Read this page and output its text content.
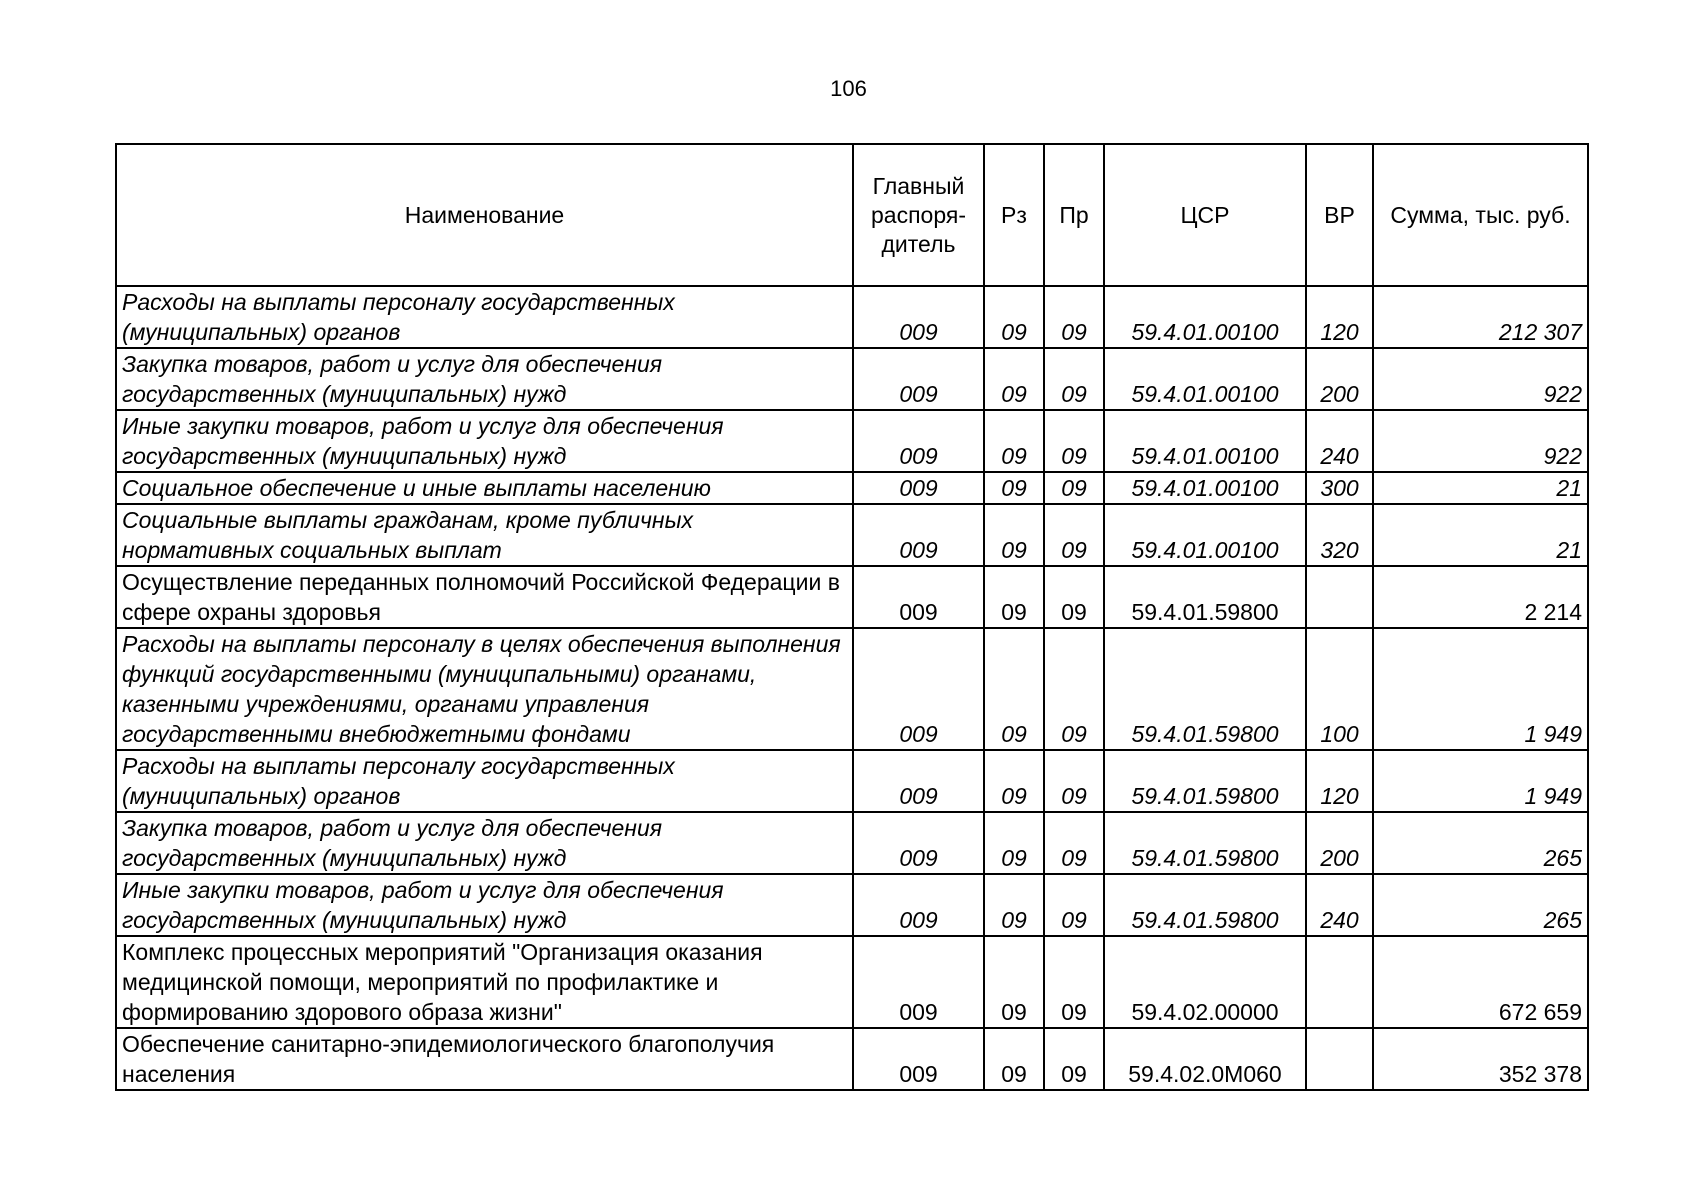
106
Наименование	Главный распоря-дитель	Рз	Пр	ЦСР	ВР	Сумма, тыс. руб.
Расходы на выплаты персоналу государственных (муниципальных) органов	009	09	09	59.4.01.00100	120	212 307
Закупка товаров, работ и услуг для обеспечения государственных (муниципальных) нужд	009	09	09	59.4.01.00100	200	922
Иные закупки товаров, работ и услуг для обеспечения государственных (муниципальных) нужд	009	09	09	59.4.01.00100	240	922
Социальное обеспечение и иные выплаты населению	009	09	09	59.4.01.00100	300	21
Социальные выплаты гражданам, кроме публичных нормативных социальных выплат	009	09	09	59.4.01.00100	320	21
Осуществление переданных полномочий Российской Федерации в сфере охраны здоровья	009	09	09	59.4.01.59800		2 214
Расходы на выплаты персоналу в целях обеспечения выполнения функций государственными (муниципальными) органами, казенными учреждениями, органами управления государственными внебюджетными фондами	009	09	09	59.4.01.59800	100	1 949
Расходы на выплаты персоналу государственных (муниципальных) органов	009	09	09	59.4.01.59800	120	1 949
Закупка товаров, работ и услуг для обеспечения государственных (муниципальных) нужд	009	09	09	59.4.01.59800	200	265
Иные закупки товаров, работ и услуг для обеспечения государственных (муниципальных) нужд	009	09	09	59.4.01.59800	240	265
Комплекс процессных мероприятий "Организация оказания медицинской помощи, мероприятий по профилактике и формированию здорового образа жизни"	009	09	09	59.4.02.00000		672 659
Обеспечение санитарно-эпидемиологического благополучия населения	009	09	09	59.4.02.0М060		352 378
